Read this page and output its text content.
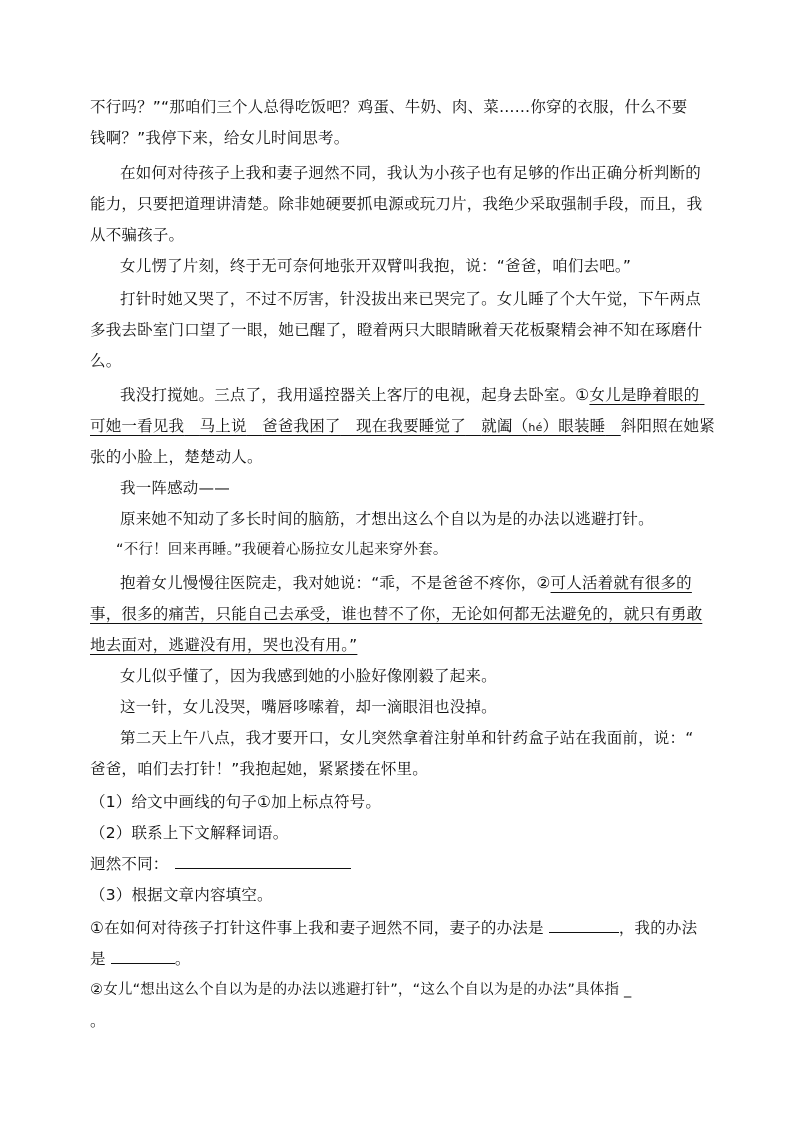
不行吗？”“那咱们三个人总得吃饭吧？鸡蛋、牛奶、肉、菜……你穿的衣服，什么不要
钱啊？”我停下来，给女儿时间思考。
在如何对待孩子上我和妻子迥然不同，我认为小孩子也有足够的作出正确分析判断的
能力，只要把道理讲清楚。除非她硬要抓电源或玩刀片，我绝少采取强制手段，而且，我
从不骗孩子。
女儿愣了片刻，终于无可奈何地张开双臂叫我抱，说：“爸爸，咱们去吧。”
打针时她又哭了，不过不厉害，针没拔出来已哭完了。女儿睡了个大午觉，下午两点
多我去卧室门口望了一眼，她已醒了，瞪着两只大眼睛瞅着天花板聚精会神不知在琢磨什
么。
我没打搅她。三点了，我用遥控器关上客厅的电视，起身去卧室。①女儿是睁着眼的
可她一看见我 马上说 爸爸我困了 现在我要睡觉了 就阖（hé）眼装睡 斜阳照在她紧
张的小脸上，楚楚动人。
我一阵感动——
原来她不知动了多长时间的脑筋，才想出这么个自以为是的办法以逃避打针。
“不行！回来再睡。”我硬着心肠拉女儿起来穿外套。
抱着女儿慢慢往医院走，我对她说：“乖，不是爸爸不疼你，②可人活着就有很多的
事，很多的痛苦，只能自己去承受，谁也替不了你，无论如何都无法避免的，就只有勇敢
地去面对，逃避没有用，哭也没有用。”
女儿似乎懂了，因为我感到她的小脸好像刚毅了起来。
这一针，女儿没哭，嘴唇哆嗦着，却一滴眼泪也没掉。
第二天上午八点，我才要开口，女儿突然拿着注射单和针药盒子站在我面前，说：“
爸爸，咱们去打针！”我抱起她，紧紧搂在怀里。
（1）给文中画线的句子①加上标点符号。
（2）联系上下文解释词语。
迥然不同：
（3）根据文章内容填空。
①在如何对待孩子打针这件事上我和妻子迥然不同，妻子的办法是	，我的办法
是	。
②女儿“想出这么个自以为是的办法以逃避打针”，“这么个自以为是的办法”具体指 _
。
